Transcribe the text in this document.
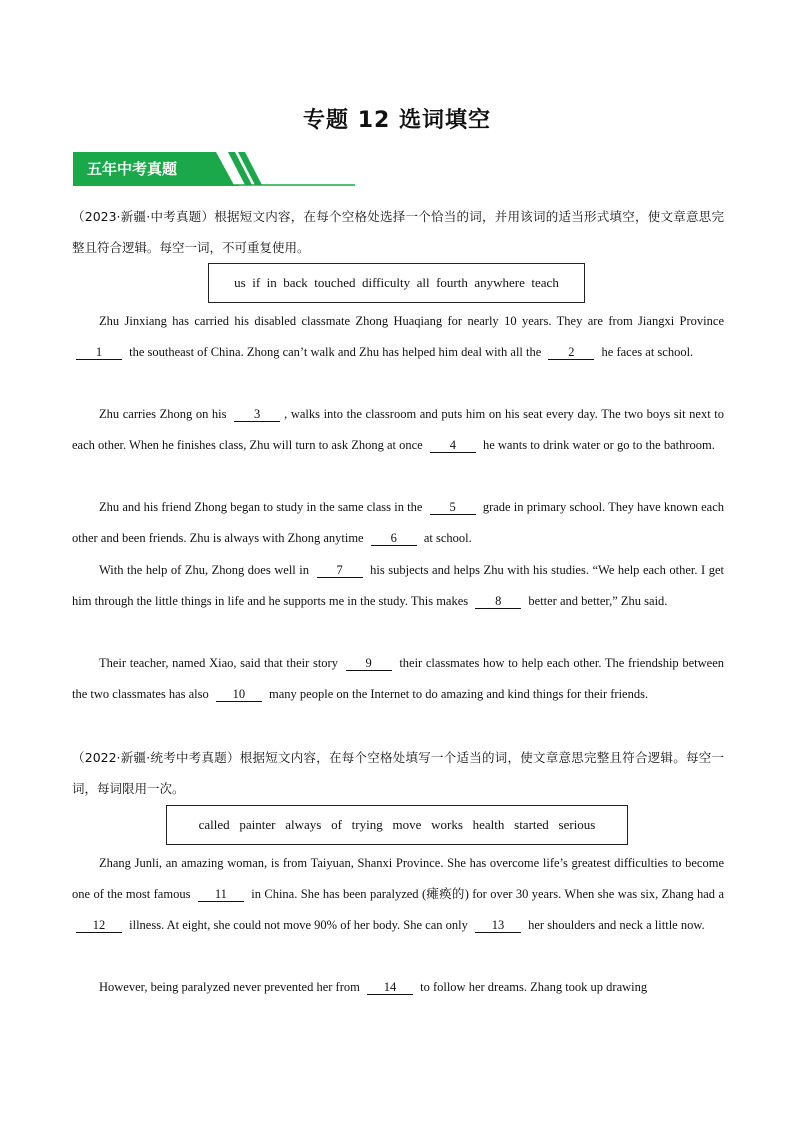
专题 12 选词填空
五年中考真题
（2023·新疆·中考真题）根据短文内容，在每个空格处选择一个恰当的词，并用该词的适当形式填空，使文章意思完整且符合逻辑。每空一词，不可重复使用。
us  if  in  back  touched  difficulty  all  fourth  anywhere  teach
Zhu Jinxiang has carried his disabled classmate Zhong Huaqiang for nearly 10 years. They are from Jiangxi Province 1 the southeast of China. Zhong can’t walk and Zhu has helped him deal with all the 2 he faces at school.
Zhu carries Zhong on his 3 , walks into the classroom and puts him on his seat every day. The two boys sit next to each other. When he finishes class, Zhu will turn to ask Zhong at once 4 he wants to drink water or go to the bathroom.
Zhu and his friend Zhong began to study in the same class in the 5 grade in primary school. They have known each other and been friends. Zhu is always with Zhong anytime 6 at school.
With the help of Zhu, Zhong does well in 7 his subjects and helps Zhu with his studies. “We help each other. I get him through the little things in life and he supports me in the study. This makes 8 better and better,” Zhu said.
Their teacher, named Xiao, said that their story 9 their classmates how to help each other. The friendship between the two classmates has also 10 many people on the Internet to do amazing and kind things for their friends.
（2022·新疆·统考中考真题）根据短文内容，在每个空格处填写一个适当的词，使文章意思完整且符合逻辑。每空一词，每词限用一次。
called   painter   always   of   trying   move   works   health   started   serious
Zhang Junli, an amazing woman, is from Taiyuan, Shanxi Province. She has overcome life’s greatest difficulties to become one of the most famous 11 in China. She has been paralyzed (瘫痪的) for over 30 years. When she was six, Zhang had a 12 illness. At eight, she could not move 90% of her body. She can only 13 her shoulders and neck a little now.
However, being paralyzed never prevented her from 14 to follow her dreams. Zhang took up drawing
